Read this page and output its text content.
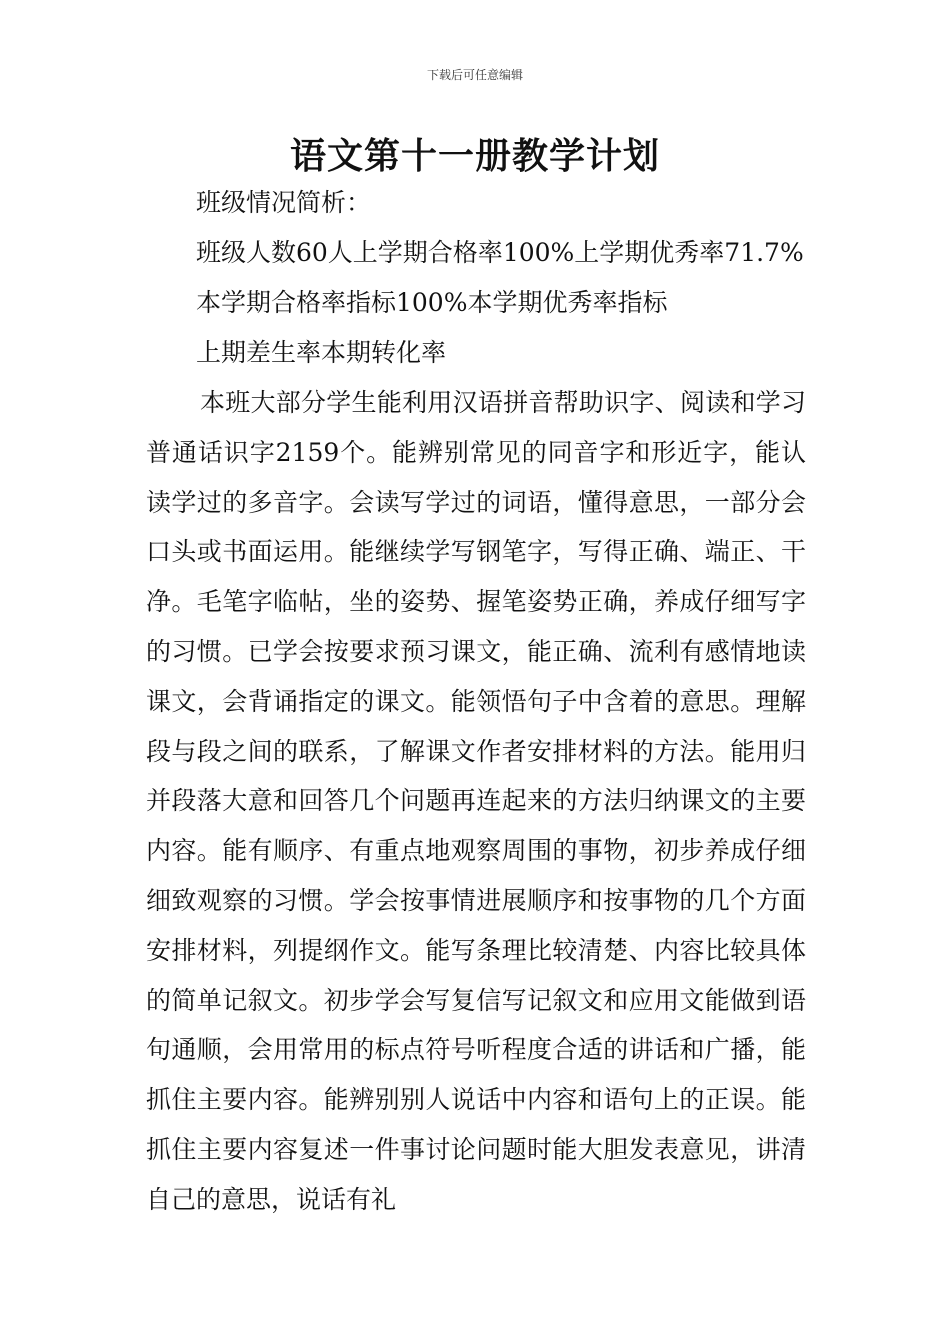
下载后可任意编辑
语文第十一册教学计划

班级情况简析：

班级人数60人上学期合格率100%上学期优秀率71.7%

本学期合格率指标100%本学期优秀率指标

上期差生率本期转化率

本班大部分学生能利用汉语拼音帮助识字、阅读和学习普通话识字2159个。能辨别常见的同音字和形近字，能认读学过的多音字。会读写学过的词语，懂得意思，一部分会口头或书面运用。能继续学写钢笔字，写得正确、端正、干净。毛笔字临帖，坐的姿势、握笔姿势正确，养成仔细写字的习惯。已学会按要求预习课文，能正确、流利有感情地读课文，会背诵指定的课文。能领悟句子中含着的意思。理解段与段之间的联系，了解课文作者安排材料的方法。能用归并段落大意和回答几个问题再连起来的方法归纳课文的主要内容。能有顺序、有重点地观察周围的事物，初步养成仔细细致观察的习惯。学会按事情进展顺序和按事物的几个方面安排材料，列提纲作文。能写条理比较清楚、内容比较具体的简单记叙文。初步学会写复信写记叙文和应用文能做到语句通顺，会用常用的标点符号听程度合适的讲话和广播，能抓住主要内容。能辨别别人说话中内容和语句上的正误。能抓住主要内容复述一件事讨论问题时能大胆发表意见，讲清自己的意思，说话有礼
